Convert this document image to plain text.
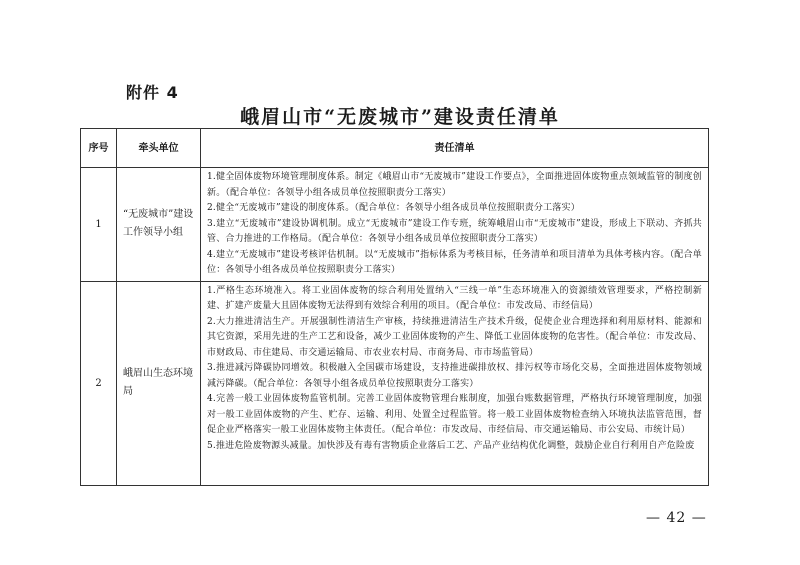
附件 4
峨眉山市“无废城市”建设责任清单
序号	牵头单位	责任清单
1	“无废城市”建设工作领导小组	1.健全固体废物环境管理制度体系。制定《峨眉山市“无废城市”建设工作要点》，全面推进固体废物重点领域监管的制度创新。（配合单位：各领导小组各成员单位按照职责分工落实）

2.健全“无废城市”建设的制度体系。（配合单位：各领导小组各成员单位按照职责分工落实）

3.建立“无废城市”建设协调机制。成立“无废城市”建设工作专班，统筹峨眉山市“无废城市”建设，形成上下联动、齐抓共管、合力推进的工作格局。（配合单位：各领导小组各成员单位按照职责分工落实）

4.建立“无废城市”建设考核评估机制。以“无废城市”指标体系为考核目标，任务清单和项目清单为具体考核内容。（配合单位：各领导小组各成员单位按照职责分工落实）

2	峨眉山生态环境局	1.严格生态环境准入。将工业固体废物的综合利用处置纳入“三线一单”生态环境准入的资源绩效管理要求，严格控制新建、扩建产废量大且固体废物无法得到有效综合利用的项目。（配合单位：市发改局、市经信局）

2.大力推进清洁生产。开展强制性清洁生产审核，持续推进清洁生产技术升级，促使企业合理选择和利用原材料、能源和其它资源，采用先进的生产工艺和设备，减少工业固体废物的产生、降低工业固体废物的危害性。（配合单位：市发改局、市财政局、市住建局、市交通运输局、市农业农村局、市商务局、市市场监管局）

3.推进减污降碳协同增效。积极融入全国碳市场建设，支持推进碳排放权、排污权等市场化交易，全面推进固体废物领域减污降碳。（配合单位：各领导小组各成员单位按照职责分工落实）

4.完善一般工业固体废物监管机制。完善工业固体废物管理台账制度，加强台账数据管理，严格执行环境管理制度，加强对一般工业固体废物的产生、贮存、运输、利用、处置全过程监管。将一般工业固体废物检查纳入环境执法监管范围，督促企业严格落实一般工业固体废物主体责任。（配合单位：市发改局、市经信局、市交通运输局、市公安局、市统计局）

5.推进危险废物源头减量。加快涉及有毒有害物质企业落后工艺、产品产业结构优化调整，鼓励企业自行利用自产危险废

— 42 —
